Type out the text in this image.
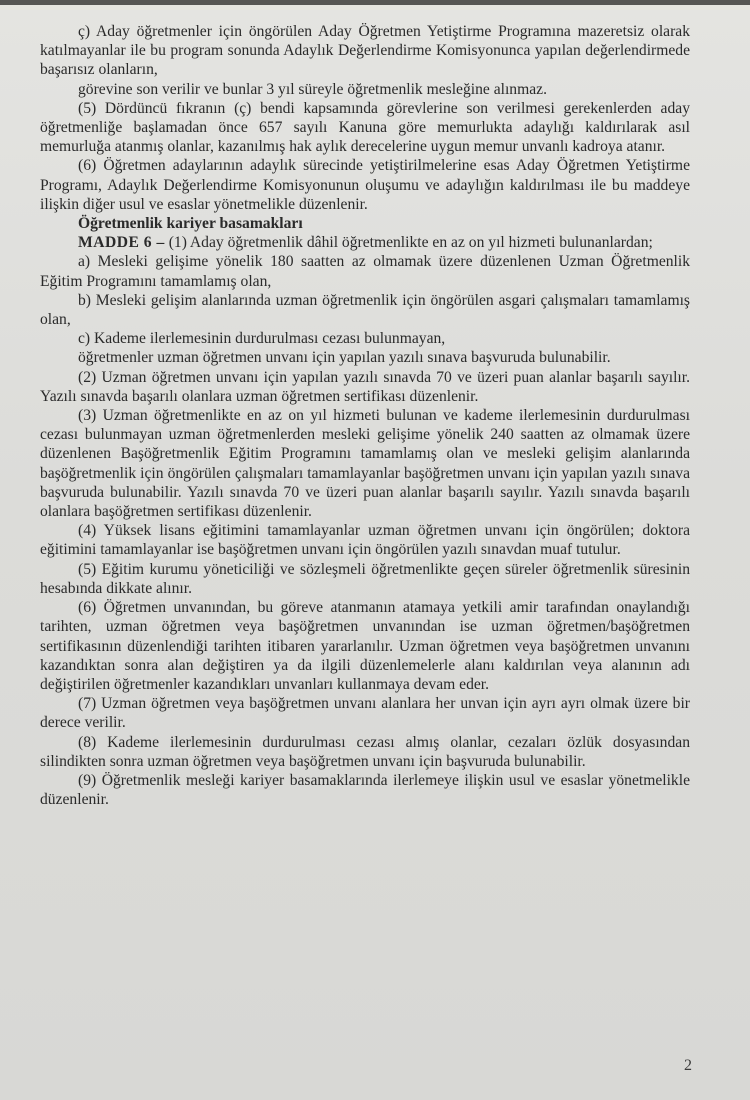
ç) Aday öğretmenler için öngörülen Aday Öğretmen Yetiştirme Programına mazeretsiz olarak katılmayanlar ile bu program sonunda Adaylık Değerlendirme Komisyonunca yapılan değerlendirmede başarısız olanların,

görevine son verilir ve bunlar 3 yıl süreyle öğretmenlik mesleğine alınmaz.

(5) Dördüncü fıkranın (ç) bendi kapsamında görevlerine son verilmesi gerekenlerden aday öğretmenliğe başlamadan önce 657 sayılı Kanuna göre memurlukta adaylığı kaldırılarak asıl memurluğa atanmış olanlar, kazanılmış hak aylık derecelerine uygun memur unvanlı kadroya atanır.

(6) Öğretmen adaylarının adaylık sürecinde yetiştirilmelerine esas Aday Öğretmen Yetiştirme Programı, Adaylık Değerlendirme Komisyonunun oluşumu ve adaylığın kaldırılması ile bu maddeye ilişkin diğer usul ve esaslar yönetmelikle düzenlenir.

Öğretmenlik kariyer basamakları

MADDE 6 – (1) Aday öğretmenlik dâhil öğretmenlikte en az on yıl hizmeti bulunanlardan;

a) Mesleki gelişime yönelik 180 saatten az olmamak üzere düzenlenen Uzman Öğretmenlik Eğitim Programını tamamlamış olan,

b) Mesleki gelişim alanlarında uzman öğretmenlik için öngörülen asgari çalışmaları tamamlamış olan,

c) Kademe ilerlemesinin durdurulması cezası bulunmayan,

öğretmenler uzman öğretmen unvanı için yapılan yazılı sınava başvuruda bulunabilir.

(2) Uzman öğretmen unvanı için yapılan yazılı sınavda 70 ve üzeri puan alanlar başarılı sayılır. Yazılı sınavda başarılı olanlara uzman öğretmen sertifikası düzenlenir.

(3) Uzman öğretmenlikte en az on yıl hizmeti bulunan ve kademe ilerlemesinin durdurulması cezası bulunmayan uzman öğretmenlerden mesleki gelişime yönelik 240 saatten az olmamak üzere düzenlenen Başöğretmenlik Eğitim Programını tamamlamış olan ve mesleki gelişim alanlarında başöğretmenlik için öngörülen çalışmaları tamamlayanlar başöğretmen unvanı için yapılan yazılı sınava başvuruda bulunabilir. Yazılı sınavda 70 ve üzeri puan alanlar başarılı sayılır. Yazılı sınavda başarılı olanlara başöğretmen sertifikası düzenlenir.

(4) Yüksek lisans eğitimini tamamlayanlar uzman öğretmen unvanı için öngörülen; doktora eğitimini tamamlayanlar ise başöğretmen unvanı için öngörülen yazılı sınavdan muaf tutulur.

(5) Eğitim kurumu yöneticiliği ve sözleşmeli öğretmenlikte geçen süreler öğretmenlik süresinin hesabında dikkate alınır.

(6) Öğretmen unvanından, bu göreve atanmanın atamaya yetkili amir tarafından onaylandığı tarihten, uzman öğretmen veya başöğretmen unvanından ise uzman öğretmen/başöğretmen sertifikasının düzenlendiği tarihten itibaren yararlanılır. Uzman öğretmen veya başöğretmen unvanını kazandıktan sonra alan değiştiren ya da ilgili düzenlemelerle alanı kaldırılan veya alanının adı değiştirilen öğretmenler kazandıkları unvanları kullanmaya devam eder.

(7) Uzman öğretmen veya başöğretmen unvanı alanlara her unvan için ayrı ayrı olmak üzere bir derece verilir.

(8) Kademe ilerlemesinin durdurulması cezası almış olanlar, cezaları özlük dosyasından silindikten sonra uzman öğretmen veya başöğretmen unvanı için başvuruda bulunabilir.

(9) Öğretmenlik mesleği kariyer basamaklarında ilerlemeye ilişkin usul ve esaslar yönetmelikle düzenlenir.

2
